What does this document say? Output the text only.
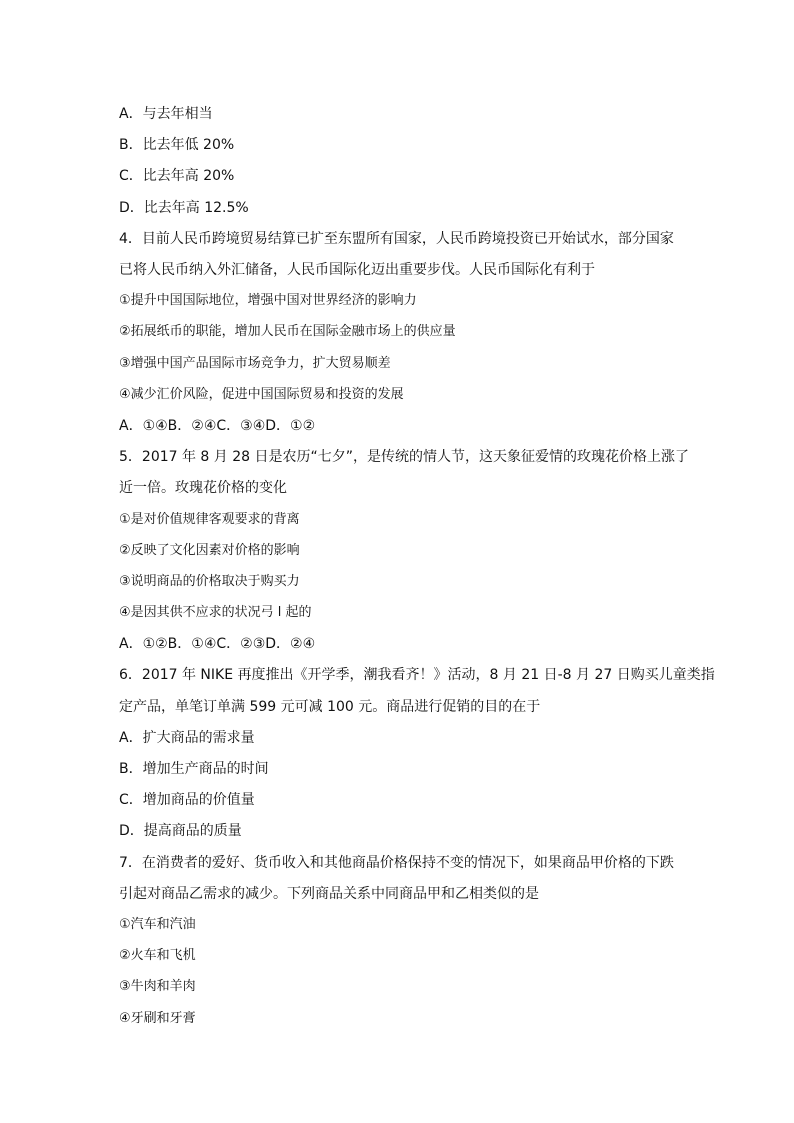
A．与去年相当
B．比去年低 20%
C．比去年高 20%
D．比去年高 12.5%
4．目前人民币跨境贸易结算已扩至东盟所有国家，人民币跨境投资已开始试水，部分国家
已将人民币纳入外汇储备，人民币国际化迈出重要步伐。人民币国际化有利于
①提升中国国际地位，增强中国对世界经济的影响力
②拓展纸币的职能，增加人民币在国际金融市场上的供应量
③增强中国产品国际市场竞争力，扩大贸易顺差
④减少汇价风险，促进中国国际贸易和投资的发展
A．①④B．②④C．③④D．①②
5．2017 年 8 月 28 日是农历“七夕”，是传统的情人节，这天象征爱情的玫瑰花价格上涨了
近一倍。玫瑰花价格的变化
①是对价值规律客观要求的背离
②反映了文化因素对价格的影响
③说明商品的价格取决于购买力
④是因其供不应求的状况弓 l 起的
A．①②B．①④C．②③D．②④
6．2017 年 NIKE 再度推出《开学季，潮我看齐！》活动，8 月 21 日-8 月 27 日购买儿童类指
定产品，单笔订单满 599 元可减 100 元。商品进行促销的目的在于
A．扩大商品的需求量
B．增加生产商品的时间
C．增加商品的价值量
D．提高商品的质量
7．在消费者的爱好、货币收入和其他商晶价格保持不变的情况下，如果商品甲价格的下跌
引起对商品乙需求的减少。下列商品关系中同商品甲和乙相类似的是
①汽车和汽油
②火车和飞机
③牛肉和羊肉
④牙刷和牙膏
